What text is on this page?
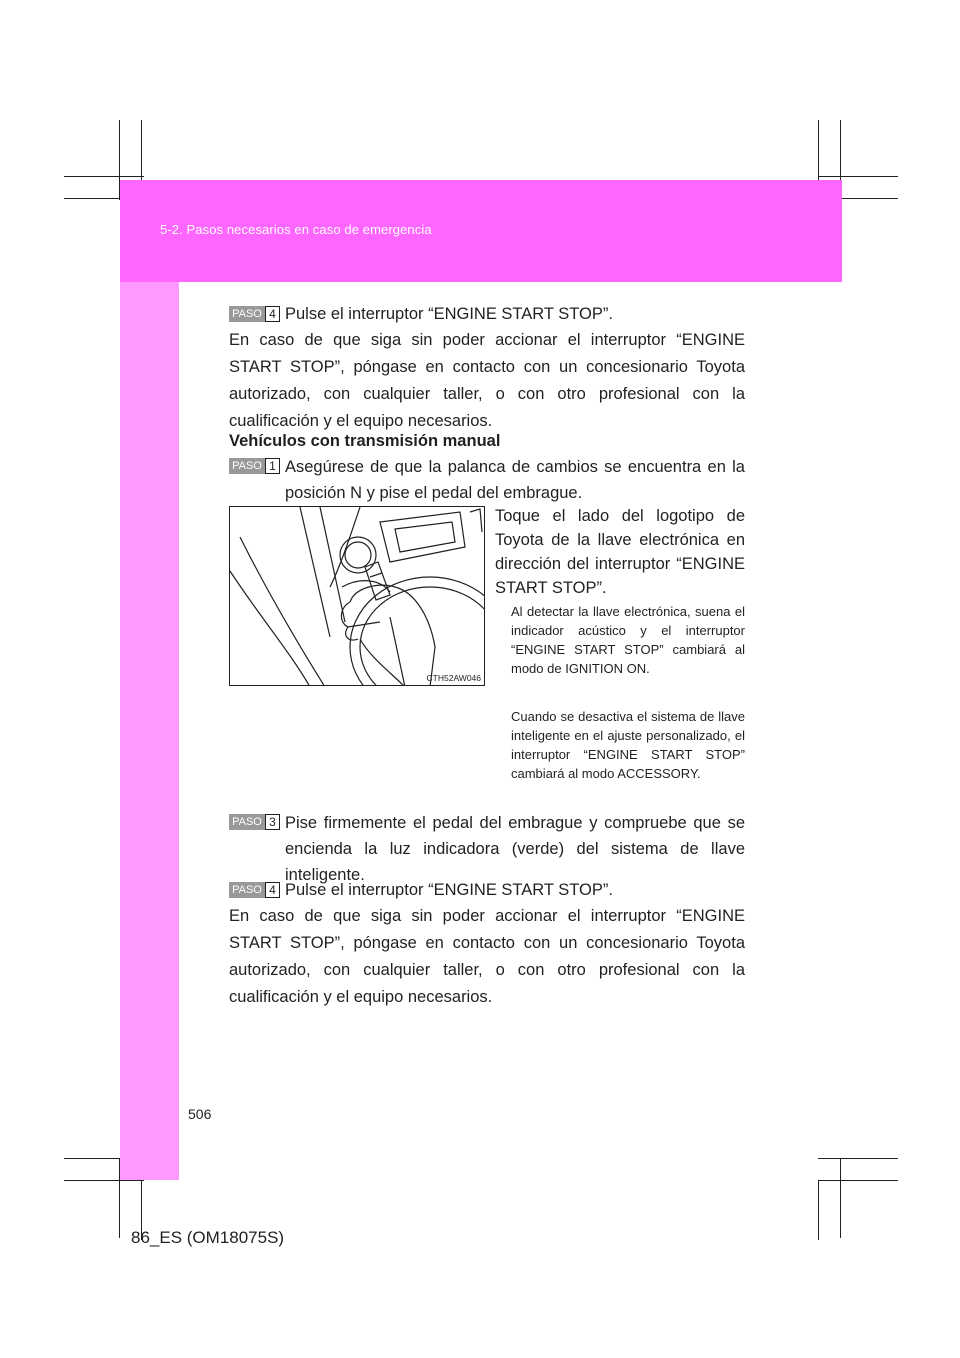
5-2. Pasos necesarios en caso de emergencia
PASO 4 Pulse el interruptor “ENGINE START STOP”.
En caso de que siga sin poder accionar el interruptor “ENGINE START STOP”, póngase en contacto con un concesionario Toyota autorizado, con cualquier taller, o con otro profesional con la cualificación y el equipo necesarios.
Vehículos con transmisión manual
PASO 1 Asegúrese de que la palanca de cambios se encuentra en la posición N y pise el pedal del embrague.
CTH52AW046
Toque el lado del logotipo de Toyota de la llave electrónica en dirección del interruptor “ENGINE START STOP”.
Al detectar la llave electrónica, suena el indicador acústico y el interruptor “ENGINE START STOP” cambiará al modo de IGNITION ON.
Cuando se desactiva el sistema de llave inteligente en el ajuste personalizado, el interruptor “ENGINE START STOP” cambiará al modo ACCESSORY.
PASO 3 Pise firmemente el pedal del embrague y compruebe que se encienda la luz indicadora (verde) del sistema de llave inteligente.
PASO 4 Pulse el interruptor “ENGINE START STOP”.
En caso de que siga sin poder accionar el interruptor “ENGINE START STOP”, póngase en contacto con un concesionario Toyota autorizado, con cualquier taller, o con otro profesional con la cualificación y el equipo necesarios.
506
86_ES (OM18075S)
